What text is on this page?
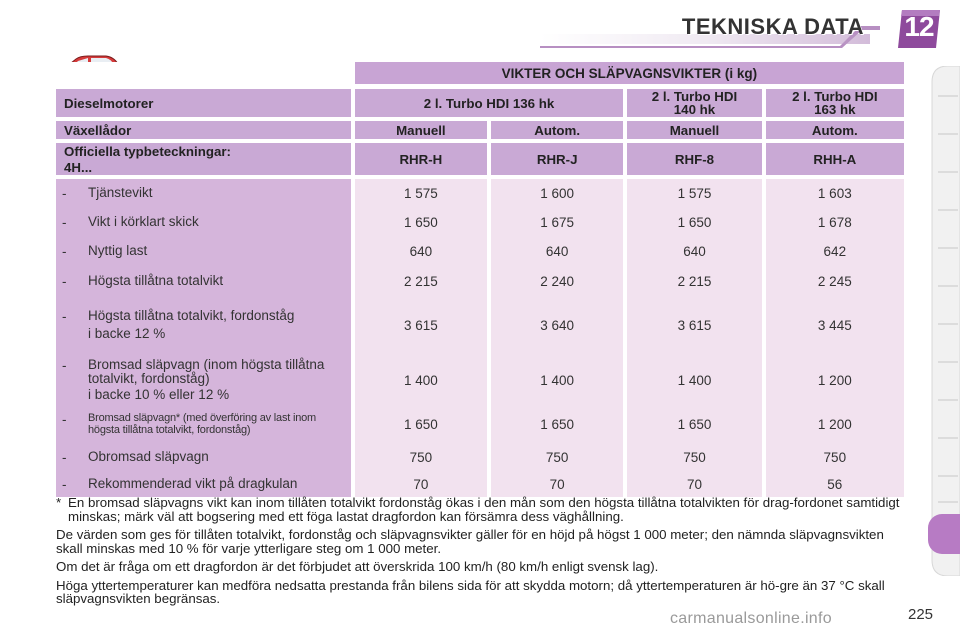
TEKNISKA DATA	12
	VIKTER OCH SLÄPVAGNSVIKTER (i kg)			
Dieselmotorer	2 l. Turbo HDI 136 hk		2 l. Turbo HDI 140 hk	2 l. Turbo HDI 163 hk
Växellådor	Manuell	Autom.	Manuell	Autom.

Officiella typbeteckningar:
4H...	RHR-H	RHR-J	RHF-8	RHH-A

- Tjänstevikt	1 575	1 600	1 575	1 603

- Vikt i körklart skick	1 650	1 675	1 650	1 678

- Nyttig last	640	640	640	642

- Högsta tillåtna totalvikt	2 215	2 240	2 215	2 245

- Högsta tillåtna totalvikt, fordonståg
i backe 12 %	3 615	3 640	3 615	3 445

- Bromsad släpvagn (inom högsta tillåtna totalvikt, fordonståg)
i backe 10 % eller 12 %	1 400	1 400	1 400	1 200

- Bromsad släpvagn* (med överföring av last inom högsta tillåtna totalvikt, fordonståg)	1 650	1 650	1 650	1 200

- Obromsad släpvagn	750	750	750	750

- Rekommenderad vikt på dragkulan	70	70	70	56

* En bromsad släpvagns vikt kan inom tillåten totalvikt fordonståg ökas i den mån som den högsta tillåtna totalvikten för drag-fordonet samtidigt minskas; märk väl att bogsering med ett föga lastat dragfordon kan försämra dess väghållning.

De värden som ges för tillåten totalvikt, fordonståg och släpvagnsvikter gäller för en höjd på högst 1 000 meter; den nämnda släpvagnsvikten skall minskas med 10 % för varje ytterligare steg om 1 000 meter.

Om det är fråga om ett dragfordon är det förbjudet att överskrida 100 km/h (80 km/h enligt svensk lag).

Höga yttertemperaturer kan medföra nedsatta prestanda från bilens sida för att skydda motorn; då yttertemperaturen är hö-gre än 37 °C skall släpvagnsvikten begränsas.

carmanualsonline.info	225
